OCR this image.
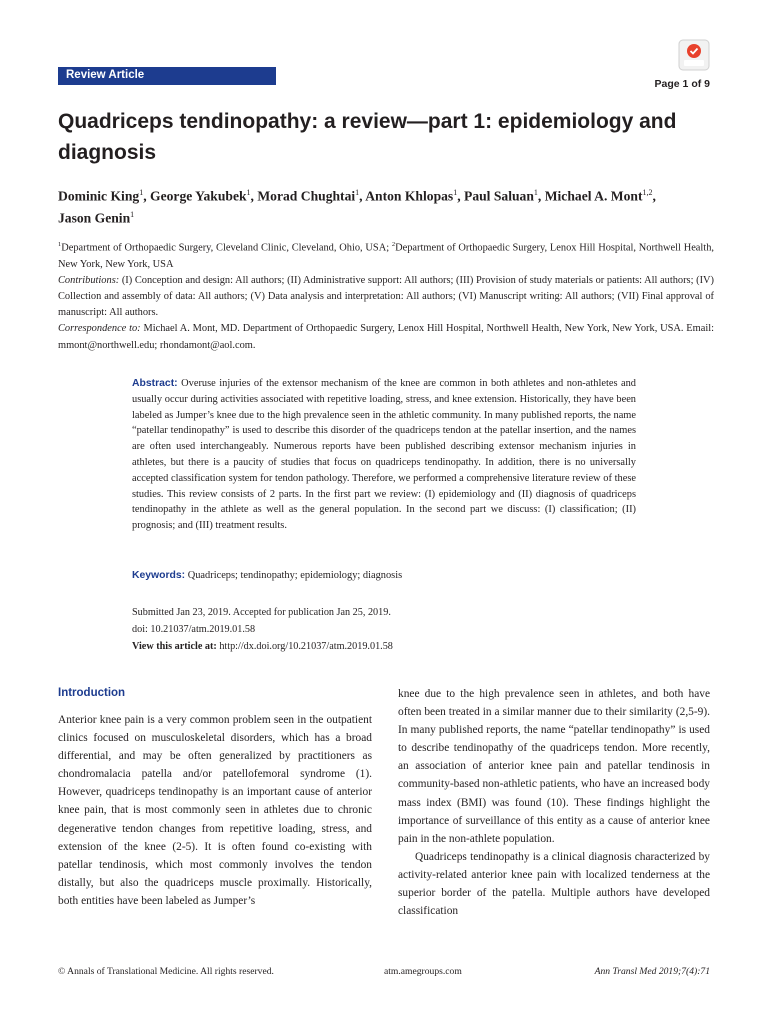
Review Article
Page 1 of 9
Quadriceps tendinopathy: a review—part 1: epidemiology and diagnosis
Dominic King$^1$, George Yakubek$^1$, Morad Chughtai$^1$, Anton Khlopas$^1$, Paul Saluan$^1$, Michael A. Mont$^{1,2}$,
Jason Genin$^1$

$^1$Department of Orthopaedic Surgery, Cleveland Clinic, Cleveland, Ohio, USA; $^2$Department of Orthopaedic Surgery, Lenox Hill Hospital, Northwell Health, New York, New York, USA

Contributions: (I) Conception and design: All authors; (II) Administrative support: All authors; (III) Provision of study materials or patients: All authors; (IV) Collection and assembly of data: All authors; (V) Data analysis and interpretation: All authors; (VI) Manuscript writing: All authors; (VII) Final approval of manuscript: All authors.

Correspondence to: Michael A. Mont, MD. Department of Orthopaedic Surgery, Lenox Hill Hospital, Northwell Health, New York, New York, USA. Email: mmont@northwell.edu; rhondamont@aol.com.

Abstract: Overuse injuries of the extensor mechanism of the knee are common in both athletes and non-athletes and usually occur during activities associated with repetitive loading, stress, and knee extension. Historically, they have been labeled as Jumper’s knee due to the high prevalence seen in the athletic community. In many published reports, the name “patellar tendinopathy” is used to describe this disorder of the quadriceps tendon at the patellar insertion, and the names are often used interchangeably. Numerous reports have been published describing extensor mechanism injuries in athletes, but there is a paucity of studies that focus on quadriceps tendinopathy. In addition, there is no universally accepted classification system for tendon pathology. Therefore, we performed a comprehensive literature review of these studies. This review consists of 2 parts. In the first part we review: (I) epidemiology and (II) diagnosis of quadriceps tendinopathy in the athlete as well as the general population. In the second part we discuss: (I) classification; (II) prognosis; and (III) treatment results.

Keywords: Quadriceps; tendinopathy; epidemiology; diagnosis
Submitted Jan 23, 2019. Accepted for publication Jan 25, 2019.
doi: 10.21037/atm.2019.01.58
View this article at: http://dx.doi.org/10.21037/atm.2019.01.58
Introduction

Anterior knee pain is a very common problem seen in the outpatient clinics focused on musculoskeletal disorders, which has a broad differential, and may be often generalized by practitioners as chondromalacia patella and/or patellofemoral syndrome (1). However, quadriceps tendinopathy is an important cause of anterior knee pain, that is most commonly seen in athletes due to chronic degenerative tendon changes from repetitive loading, stress, and extension of the knee (2-5). It is often found co-existing with patellar tendinosis, which most commonly involves the tendon distally, but also the quadriceps muscle proximally. Historically, both entities have been labeled as Jumper’s

knee due to the high prevalence seen in athletes, and both have often been treated in a similar manner due to their similarity (2,5-9). In many published reports, the name “patellar tendinopathy” is used to describe tendinopathy of the quadriceps tendon. More recently, an association of anterior knee pain and patellar tendinosis in community-based non-athletic patients, who have an increased body mass index (BMI) was found (10). These findings highlight the importance of surveillance of this entity as a cause of anterior knee pain in the non-athlete population.

Quadriceps tendinopathy is a clinical diagnosis characterized by activity-related anterior knee pain with localized tenderness at the superior border of the patella. Multiple authors have developed classification

© Annals of Translational Medicine. All rights reserved.	atm.amegroups.com	Ann Transl Med 2019;7(4):71
